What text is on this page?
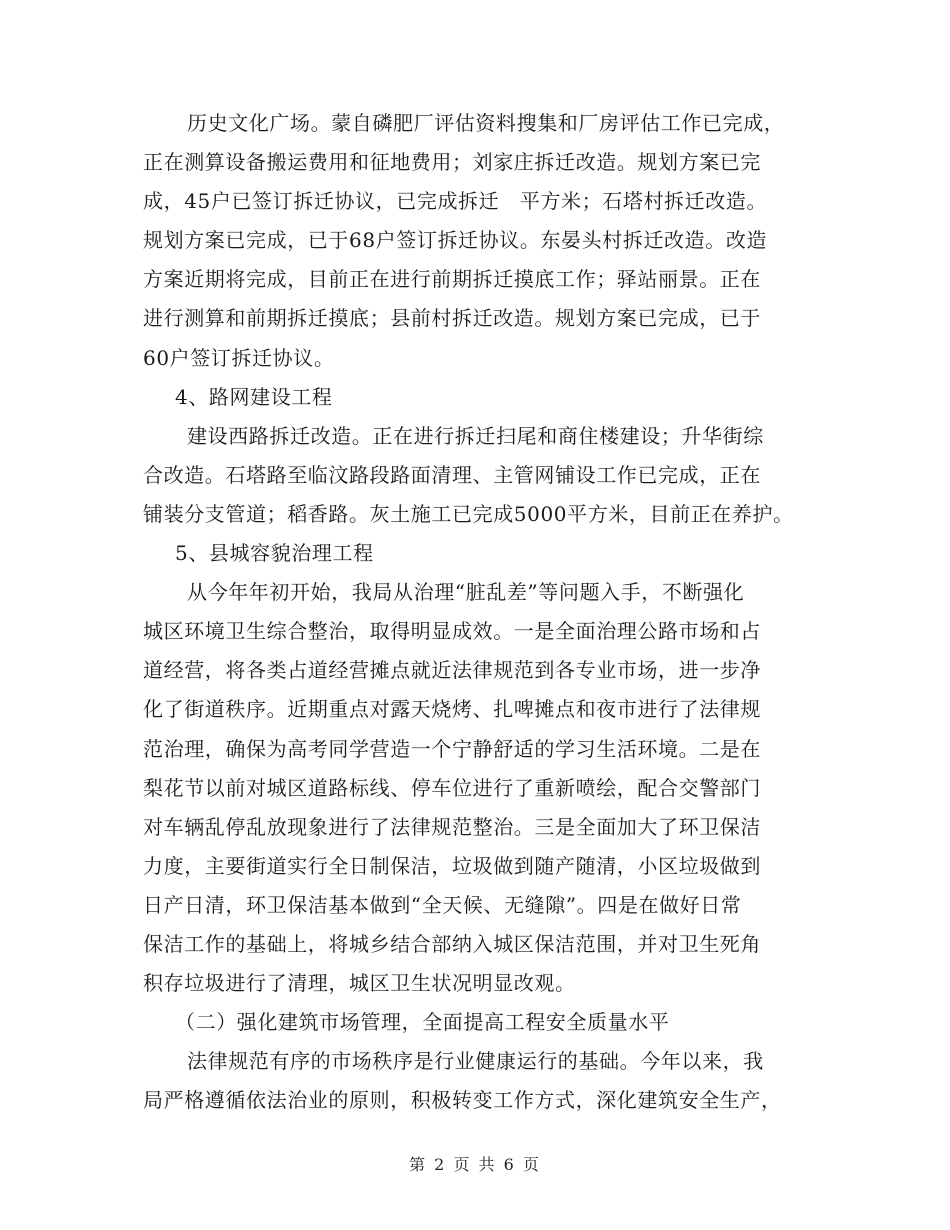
历史文化广场。蒙自磷肥厂评估资料搜集和厂房评估工作已完成，
正在测算设备搬运费用和征地费用；刘家庄拆迁改造。规划方案已完
成，45户已签订拆迁协议，已完成拆迁　平方米；石塔村拆迁改造。
规划方案已完成，已于68户签订拆迁协议。东晏头村拆迁改造。改造
方案近期将完成，目前正在进行前期拆迁摸底工作；驿站丽景。正在
进行测算和前期拆迁摸底；县前村拆迁改造。规划方案已完成，已于
60户签订拆迁协议。
4、路网建设工程
建设西路拆迁改造。正在进行拆迁扫尾和商住楼建设；升华街综
合改造。石塔路至临汶路段路面清理、主管网铺设工作已完成，正在
铺装分支管道；稻香路。灰土施工已完成5000平方米，目前正在养护。
5、县城容貌治理工程
从今年年初开始，我局从治理“脏乱差”等问题入手，不断强化
城区环境卫生综合整治，取得明显成效。一是全面治理公路市场和占
道经营，将各类占道经营摊点就近法律规范到各专业市场，进一步净
化了街道秩序。近期重点对露天烧烤、扎啤摊点和夜市进行了法律规
范治理，确保为高考同学营造一个宁静舒适的学习生活环境。二是在
梨花节以前对城区道路标线、停车位进行了重新喷绘，配合交警部门
对车辆乱停乱放现象进行了法律规范整治。三是全面加大了环卫保洁
力度，主要街道实行全日制保洁，垃圾做到随产随清，小区垃圾做到
日产日清，环卫保洁基本做到“全天候、无缝隙”。四是在做好日常
保洁工作的基础上，将城乡结合部纳入城区保洁范围，并对卫生死角
积存垃圾进行了清理，城区卫生状况明显改观。
（二）强化建筑市场管理，全面提高工程安全质量水平
法律规范有序的市场秩序是行业健康运行的基础。今年以来，我
局严格遵循依法治业的原则，积极转变工作方式，深化建筑安全生产，
第 2 页 共 6 页
